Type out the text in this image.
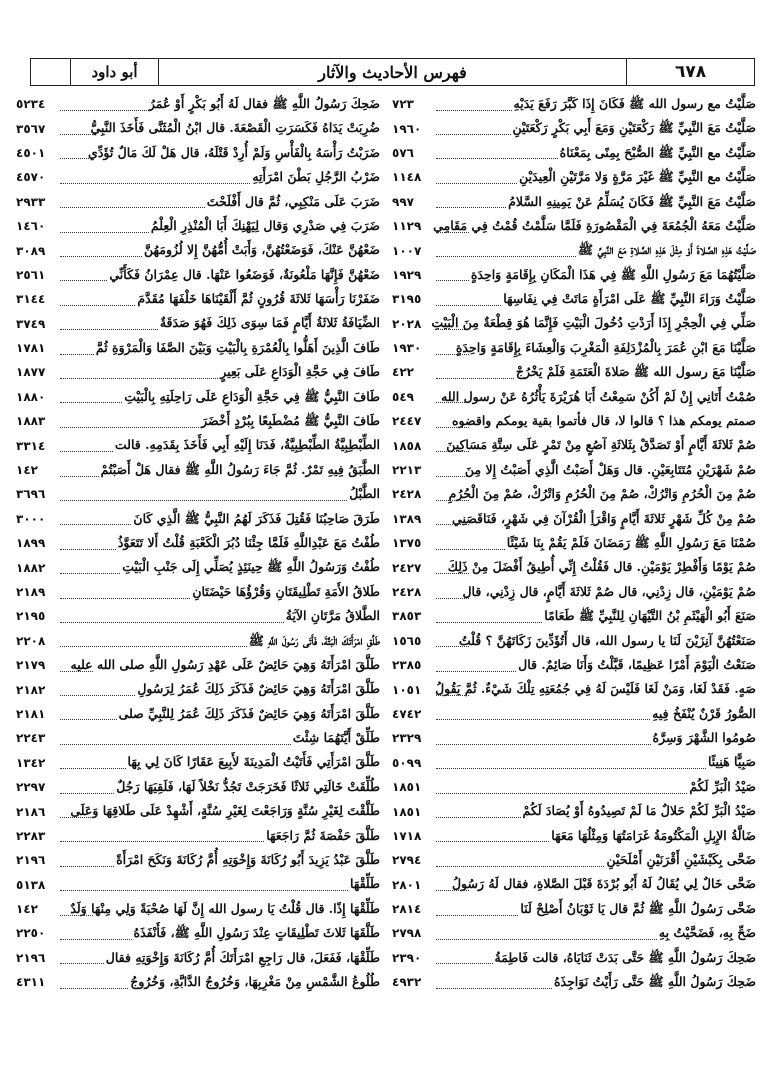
٦٧٨
فهرس الأحاديث والآثار
أبو داود
صَلَّيْتُ مع رسول الله ﷺ فَكَانَ إِذَا كَبَّرَ رَفَعَ يَدَيْهِ
٧٢٣
صَلَّيْتُ مَعَ النَّبِيِّ ﷺ رَكْعَتَيْنِ وَمَعَ أَبِي بَكْرٍ رَكْعَتَيْنِ
١٩٦٠
صَلَّيْتُ مع النَّبِيِّ ﷺ الصُّبْحَ بِمِنًى بِمَعْنَاهُ
٥٧٦
صَلَّيْتُ مع النَّبِيِّ ﷺ غَيْرَ مَرَّةٍ وَلا مَرَّتَيْنِ الْعِيدَيْنِ
١١٤٨
صَلَّيْتُ مَعَ النَّبِيِّ ﷺ فَكَانَ يُسَلِّمُ عَنْ يَمِينِهِ السَّلامُ
٩٩٧
صَلَّيْتُ مَعَهُ الْجُمُعَةَ فِي الْمَقْصُورَةِ فَلَمَّا سَلَّمْتُ قُمْتُ فِي مَقَامِي
١١٢٩
صَلَّيْتُ هَذِهِ الصَّلاةَ أَوْ مِثْلَ هَذِهِ الصَّلاةِ مَعَ النَّبِيِّ ﷺ
١٠٠٧
صَلَّيْتُهُمَا مَعَ رَسُولِ اللَّهِ ﷺ فِي هَذَا الْمَكَانِ بِإِقَامَةٍ وَاحِدَةٍ
١٩٢٩
صَلَّيْتُ وَرَاءَ النَّبِيِّ ﷺ عَلَى امْرَأَةٍ مَاتَتْ فِي نِفَاسِهَا
٣١٩٥
صَلِّي فِي الْحِجْرِ إِذَا أَرَدْتِ دُخُولَ الْبَيْتِ فَإِنَّمَا هُوَ قِطْعَةٌ مِنَ الْبَيْتِ
٢٠٢٨
صَلَّيْنَا مَعَ ابْنِ عُمَرَ بِالْمُزْدَلِفَةِ الْمَغْرِبَ وَالْعِشَاءَ بِإِقَامَةٍ وَاحِدَةٍ
١٩٣٠
صَلَّيْنَا مَعَ رسول الله ﷺ صَلاةَ الْعَتَمَةِ فَلَمْ يَخْرُجْ
٤٢٢
صُمْتُ أَتَانِي إِنْ لَمْ أَكُنْ سَمِعْتُ أَبَا هُرَيْرَةَ يَأْثُرُهُ عَنْ رسول الله
٥٤٩
صمتم يومكم هذا ؟ قالوا لا، قال فأتموا بقية يومكم واقضوه
٢٤٤٧
صُمْ ثَلاثَةَ أَيَّامٍ أَوْ تَصَدَّقْ بِثَلاثَةِ آصُعٍ مِنْ تَمْرٍ عَلَى سِتَّةِ مَسَاكِينَ
١٨٥٨
صُمْ شَهْرَيْنِ مُتَتَابِعَيْنِ. قال وَهَلْ أَصَبْتُ الَّذِي أَصَبْتُ إِلا مِنَ
٢٢١٣
صُمْ مِنَ الْحُرُمِ وَاتْرُكْ، صُمْ مِنَ الْحُرُمِ وَاتْرُكْ، صُمْ مِنَ الْحُرُمِ
٢٤٢٨
صُمْ مِنْ كُلِّ شَهْرٍ ثَلاثَةَ أَيَّامٍ وَاقْرَأِ الْقُرْآنَ فِي شَهْرٍ، فَنَاقَصَنِي
١٣٨٩
صُمْنَا مَعَ رَسُولِ اللَّهِ ﷺ رَمَضَانَ فَلَمْ يَقُمْ بِنَا شَيْئًا
١٣٧٥
صُمْ يَوْمًا وَأَفْطِرْ يَوْمَيْنِ. قال فَقُلْتُ إِنِّي أُطِيقُ أَفْضَلَ مِنْ ذَلِكَ
٢٤٢٧
صُمْ يَوْمَيْنِ، قال زِدْنِي، قال صُمْ ثَلاثَةَ أَيَّامٍ، قال زِدْنِي، قال
٢٤٢٨
صَنَعَ أَبُو الْهَيْثَمِ بْنُ التَّيْهَانِ لِلنَّبِيِّ ﷺ طَعَامًا
٣٨٥٣
صَنَعْتُهُنَّ آنِزَيْنَ لَنَا يا رسول الله، قال أَتُؤَدِّينَ زَكَاتَهُنَّ ؟ قُلْتُ
١٥٦٥
صَنَعْتُ الْيَوْمَ أَمْرًا عَظِيمًا، قَبَّلْتُ وَأَنَا صَائِمٌ. قال
٢٣٨٥
صَهٍ. فَقَدْ لَغَا، وَمَنْ لَغَا فَلَيْسَ لَهُ فِي جُمُعَتِهِ تِلْكَ شَيْءٌ. ثُمَّ يَقُولُ
١٠٥١
الصُّورُ قَرْنٌ يُنْفَخُ فِيهِ
٤٧٤٢
صُومُوا الشَّهْرَ وَسِرَّهُ
٢٣٢٩
صَبِيًّا هَنِيئًا
٥٠٩٩
صَيْدُ الْبَرِّ لَكُمْ
١٨٥١
صَيْدُ الْبَرِّ لَكُمْ حَلالٌ مَا لَمْ تَصِيدُوهُ أَوْ يُصَادَ لَكُمْ
١٨٥١
ضَالَّةُ الإِبِلِ الْمَكْتُومَةُ غَرَامَتُهَا وَمِثْلُهَا مَعَهَا
١٧١٨
ضَحَّى بِكَبْشَيْنِ أَقْرَنَيْنِ أَمْلَحَيْنِ
٢٧٩٤
ضَحَّى خَالٌ لِي يُقَالُ لَهُ أَبُو بُرْدَةَ قَبْلَ الصَّلاةِ، فقال لَهُ رَسُولُ
٢٨٠١
ضَحَّى رَسُولُ اللَّهِ ﷺ ثُمَّ قال يَا ثَوْبَانُ أَصْلِحْ لَنَا
٢٨١٤
ضَحِّ بِهِ، فَضَحَّيْتُ بِهِ
٢٧٩٨
ضَحِكَ رَسُولُ اللَّهِ ﷺ حَتَّى بَدَتْ ثَنَايَاهُ، قالت فَاطِمَةُ
٢٣٩٠
ضَحِكَ رَسُولُ اللَّهِ ﷺ حَتَّى رَأَيْتُ نَوَاجِذَهُ
٤٩٣٢
ضَحِكَ رَسُولُ اللَّهِ ﷺ فقال لَهُ أَبُو بَكْرٍ أَوْ عُمَرُ
٥٢٣٤
ضُرِبَتْ يَدَاهُ فَكَسَرَتِ الْقَصْعَةَ. قال ابْنُ الْمُثَنَّى فَأَخَذَ النَّبِيُّ
٣٥٦٧
ضَرَبْتُ رَأْسَهُ بِالْفَأْسِ وَلَمْ أُرِدْ قَتْلَهُ، قال هَلْ لَكَ مَالٌ تُؤَدِّي
٤٥٠١
ضَرْبُ الرَّجُلِ بَطْنَ امْرَأَتِهِ
٤٥٧٠
ضَرَبَ عَلَى مَنْكِبِي، ثُمَّ قال أَفْلَحْتَ
٢٩٣٣
ضَرَبَ فِي صَدْرِي وَقال لِيَهْنِكَ أَبَا الْمُنْذِرِ الْعِلْمُ
١٤٦٠
ضَعْهُنَّ عَنْكَ، فَوَضَعْتُهُنَّ، وَأَبَتْ أُمُّهُنَّ إِلا لُزُومَهُنَّ
٣٠٨٩
ضَعْهُنَّ فَإِنَّهَا مَلْعُونَةٌ، فَوَضَعُوا عَنْهَا. قال عِمْرَانُ فَكَأَنِّي
٢٥٦١
ضَفَرْنَا رَأْسَهَا ثَلاثَةَ قُرُونٍ ثُمَّ أَلْقَيْنَاهَا خَلْفَهَا مُقَدَّمَ
٣١٤٤
الضِّيَافَةُ ثَلاثَةُ أَيَّامٍ فَمَا سِوَى ذَلِكَ فَهُوَ صَدَقَةٌ
٣٧٤٩
طَافَ الَّذِينَ أَهَلُّوا بِالْعُمْرَةِ بِالْبَيْتِ وَبَيْنَ الصَّفَا وَالْمَرْوَةِ ثُمَّ
١٧٨١
طَافَ فِي حَجَّةِ الْوَدَاعِ عَلَى بَعِيرٍ
١٨٧٧
طَافَ النَّبِيُّ ﷺ فِي حَجَّةِ الْوَدَاعِ عَلَى رَاحِلَتِهِ بِالْبَيْتِ
١٨٨٠
طَافَ النَّبِيُّ ﷺ مُضْطَبِعًا بِبُرْدٍ أَخْضَرَ
١٨٨٣
الطِّبْطِبِيَّةُ الطِّبْطِبِيَّةُ، فَدَنَا إِلَيْهِ أَبِي فَأَخَذَ بِقَدَمِهِ. قالت
٣٣١٤
الطَّبَقُ فِيهِ تَمْرٌ. ثُمَّ جَاءَ رَسُولُ اللَّهِ ﷺ فقال هَلْ أَصَبْتُمْ
١٤٢
الطَّبْلُ
٣٦٩٦
طَرَقَ صَاحِبُنَا فَقُتِلَ فَذَكَرَ لَهُمُ النَّبِيُّ ﷺ الَّذِي كَانَ
٣٠٠٠
طُفْتُ مَعَ عَبْدِاللَّهِ فَلَمَّا جِئْنَا دُبُرَ الْكَعْبَةِ قُلْتُ أَلا تَتَعَوَّذُ
١٨٩٩
طُفْتُ وَرَسُولُ اللَّهِ ﷺ حِينَئِذٍ يُصَلِّي إِلَى جَنْبِ الْبَيْتِ
١٨٨٢
طَلاقُ الأَمَةِ تَطْلِيقَتَانِ وَقُرْؤُهَا حَيْضَتَانِ
٢١٨٩
الطَّلاقُ مَرَّتَانِ الآيَةُ
٢١٩٥
طَلِّقِ امْرَأَتَكَ الْبَتَّةَ، فَأَتَى رَسُولَ اللَّهِ ﷺ
٢٢٠٨
طَلَّقَ امْرَأَتَهُ وَهِيَ حَائِضٌ عَلَى عَهْدِ رَسُولِ اللَّهِ صلى الله عليه
٢١٧٩
طَلَّقَ امْرَأَتَهُ وَهِيَ حَائِضٌ فَذَكَرَ ذَلِكَ عُمَرُ لِرَسُولِ
٢١٨٢
طَلَّقَ امْرَأَتَهُ وَهِيَ حَائِضٌ فَذَكَرَ ذَلِكَ عُمَرُ لِلنَّبِيِّ صلى
٢١٨١
طَلِّقْ أَيَّتَهُمَا شِئْتَ
٢٢٤٣
طَلَّقَ امْرَأَتِي فَأَتَيْتُ الْمَدِينَةَ لأَبِيعَ عَقَارًا كَانَ لِي بِهَا
١٣٤٢
طُلِّقَتْ خَالَتِي ثَلاثًا فَخَرَجَتْ تَجُدُّ نَخْلاً لَهَا، فَلَقِيَهَا رَجُلٌ
٢٢٩٧
طَلَّقْتَ لِغَيْرِ سُنَّةٍ وَرَاجَعْتَ لِغَيْرِ سُنَّةٍ، أَشْهِدْ عَلَى طَلاقِهَا وَعَلَى
٢١٨٦
طَلَّقَ حَفْصَةَ ثُمَّ رَاجَعَهَا
٢٢٨٣
طَلَّقَ عَبْدُ يَزِيدَ أَبُو رُكَانَةَ وَإِخْوَتِهِ أُمَّ رُكَانَةَ وَنَكَحَ امْرَأَةً
٢١٩٦
طَلِّقْهَا
٥١٣٨
طَلِّقْهَا إِذًا. قال قُلْتُ يَا رسول الله إِنَّ لَهَا صُحْبَةً وَلِي مِنْهَا وَلَدٌ
١٤٢
طَلَّقَهَا ثَلاثَ تَطْلِيقَاتٍ عِنْدَ رَسُولِ اللَّهِ ﷺ، فَأَنْفَذَهُ
٢٢٥٠
طَلِّقْهَا، فَفَعَلَ، قال رَاجِعِ امْرَأَتَكَ أُمَّ رُكَانَةَ وَإِخْوَتِهِ فقال
٢١٩٦
طُلُوعُ الشَّمْسِ مِنْ مَغْرِبِهَا، وَخُرُوجُ الدَّابَّةِ، وَخُرُوجُ
٤٣١١
